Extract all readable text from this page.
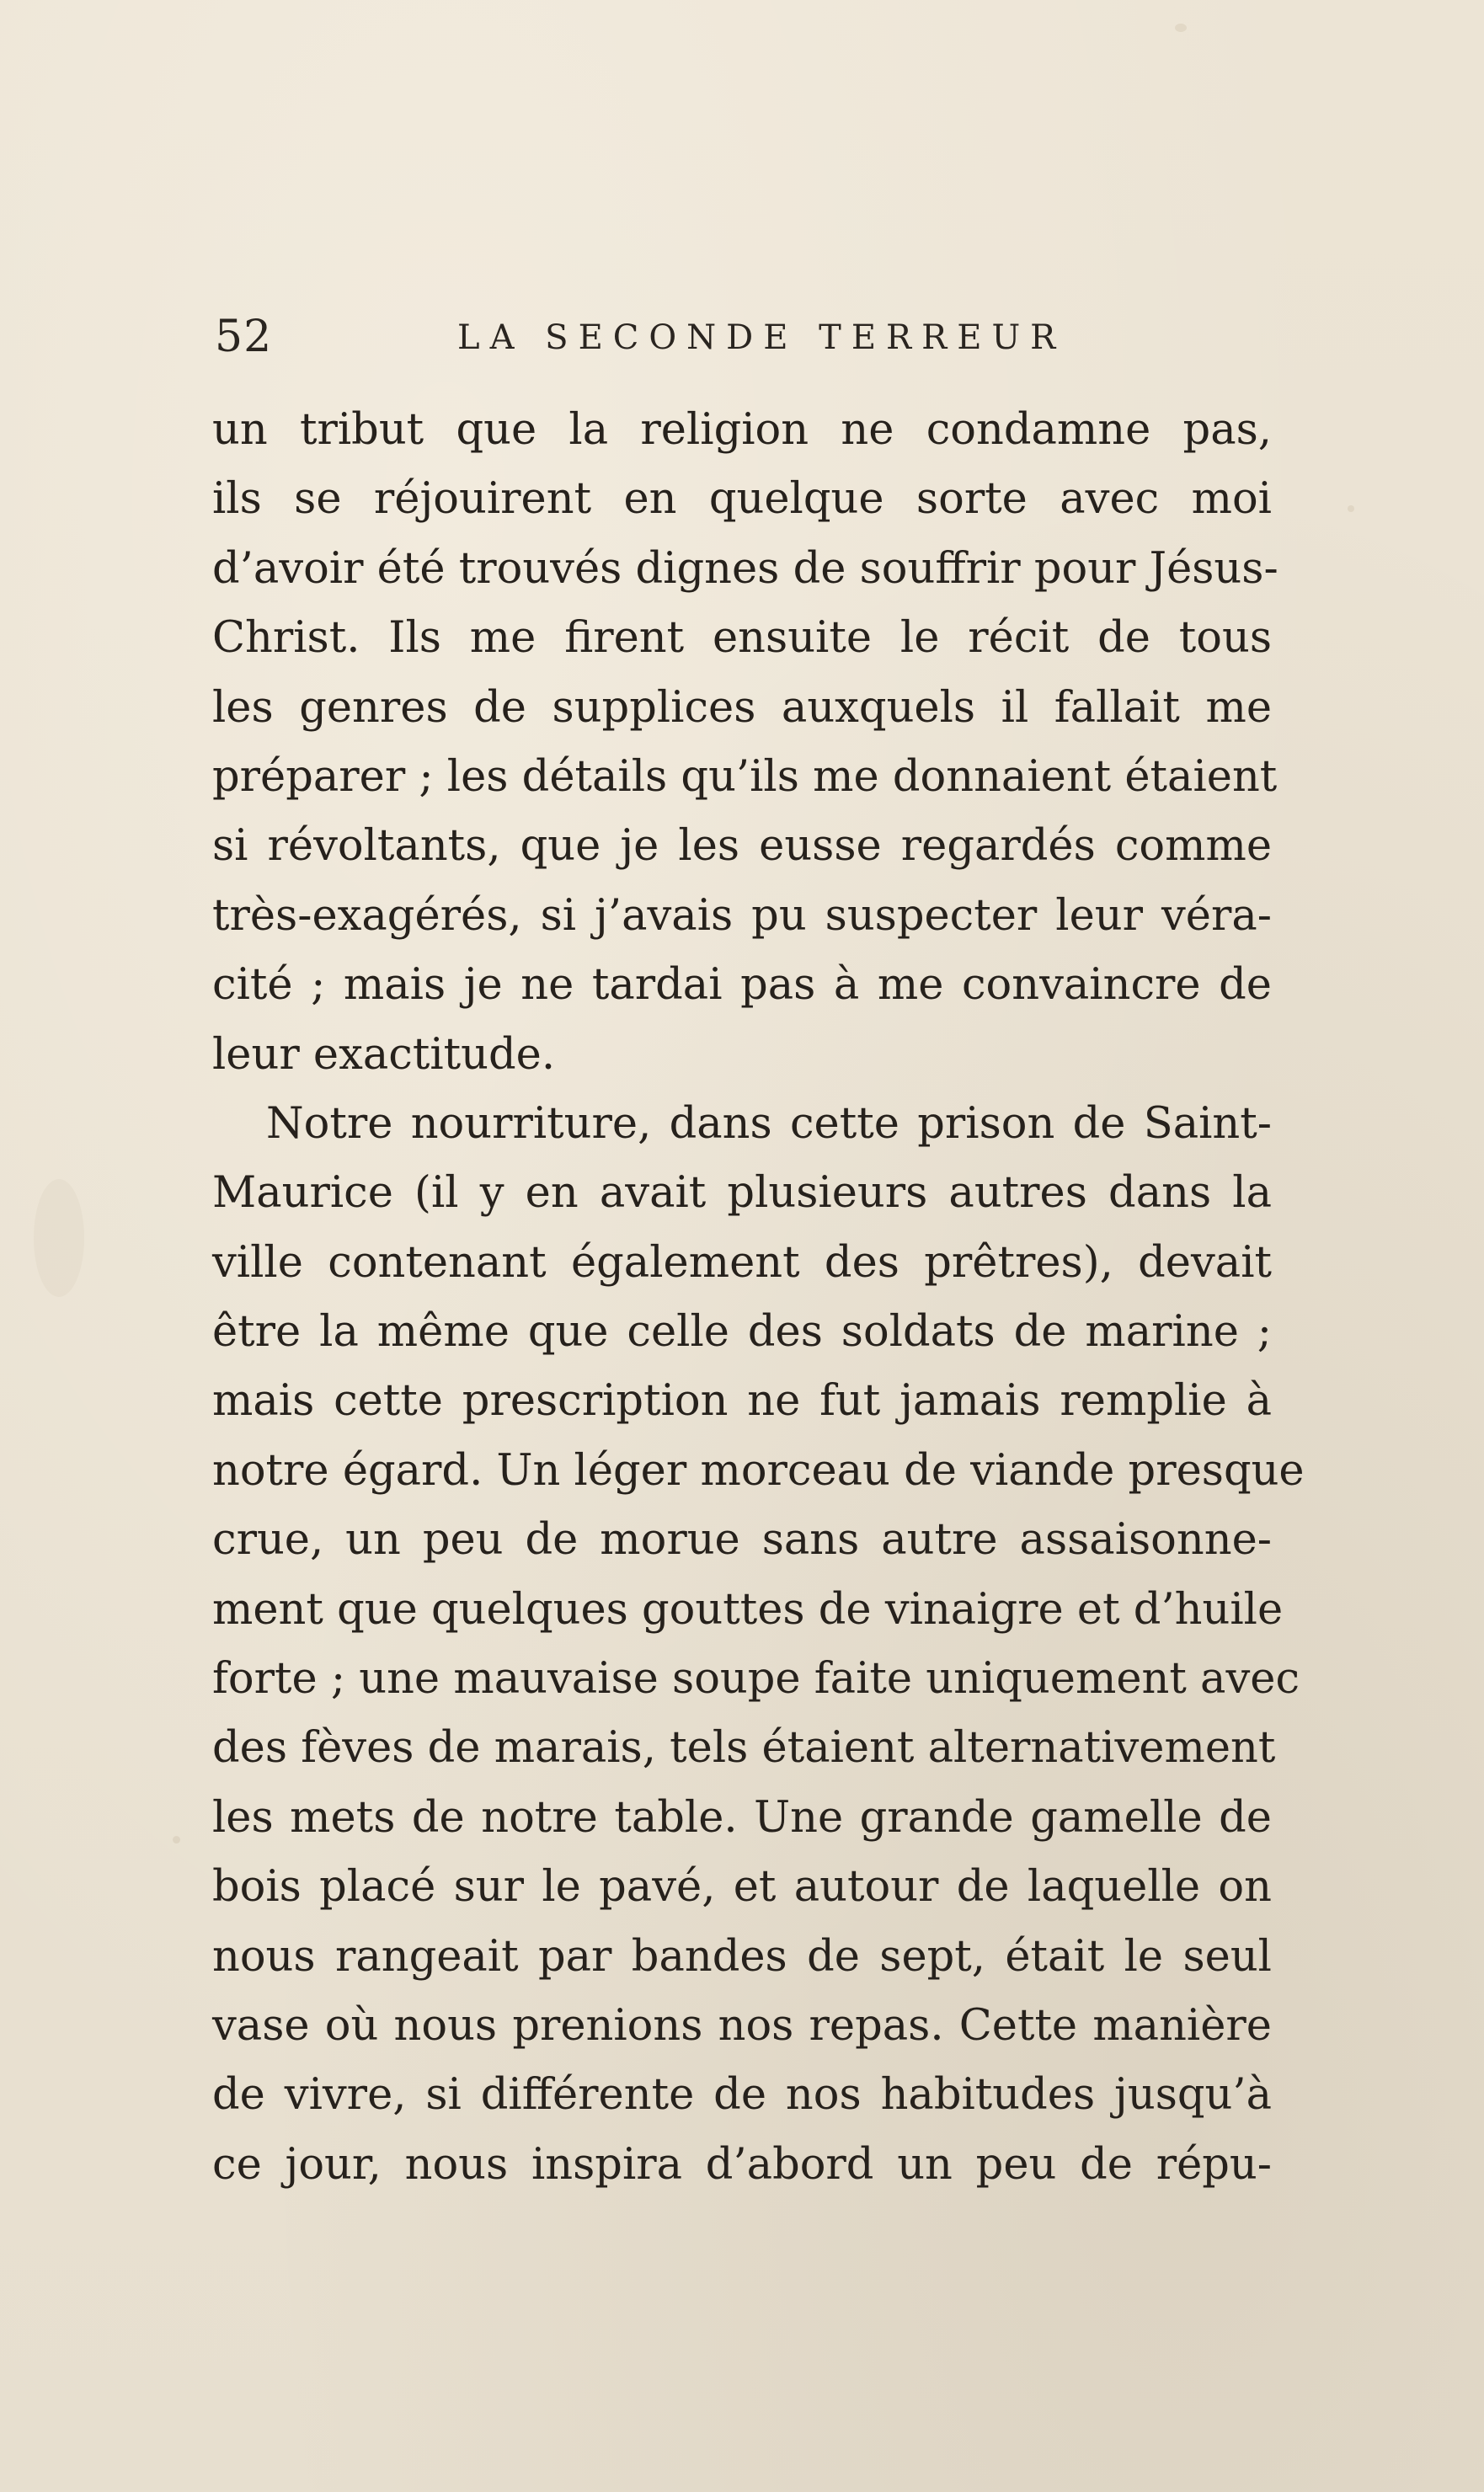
52	LA SECONDE TERREUR
un tribut que la religion ne condamne pas,
ils se réjouirent en quelque sorte avec moi
d’avoir été trouvés dignes de souffrir pour Jésus-
Christ. Ils me firent ensuite le récit de tous
les genres de supplices auxquels il fallait me
préparer ; les détails qu’ils me donnaient étaient
si révoltants, que je les eusse regardés comme
très-exagérés, si j’avais pu suspecter leur véra-
cité ; mais je ne tardai pas à me convaincre de
leur exactitude.
Notre nourriture, dans cette prison de Saint-
Maurice (il y en avait plusieurs autres dans la
ville contenant également des prêtres), devait
être la même que celle des soldats de marine ;
mais cette prescription ne fut jamais remplie à
notre égard. Un léger morceau de viande presque
crue, un peu de morue sans autre assaisonne-
ment que quelques gouttes de vinaigre et d’huile
forte ; une mauvaise soupe faite uniquement avec
des fèves de marais, tels étaient alternativement
les mets de notre table. Une grande gamelle de
bois placé sur le pavé, et autour de laquelle on
nous rangeait par bandes de sept, était le seul
vase où nous prenions nos repas. Cette manière
de vivre, si différente de nos habitudes jusqu’à
ce jour, nous inspira d’abord un peu de répu-
